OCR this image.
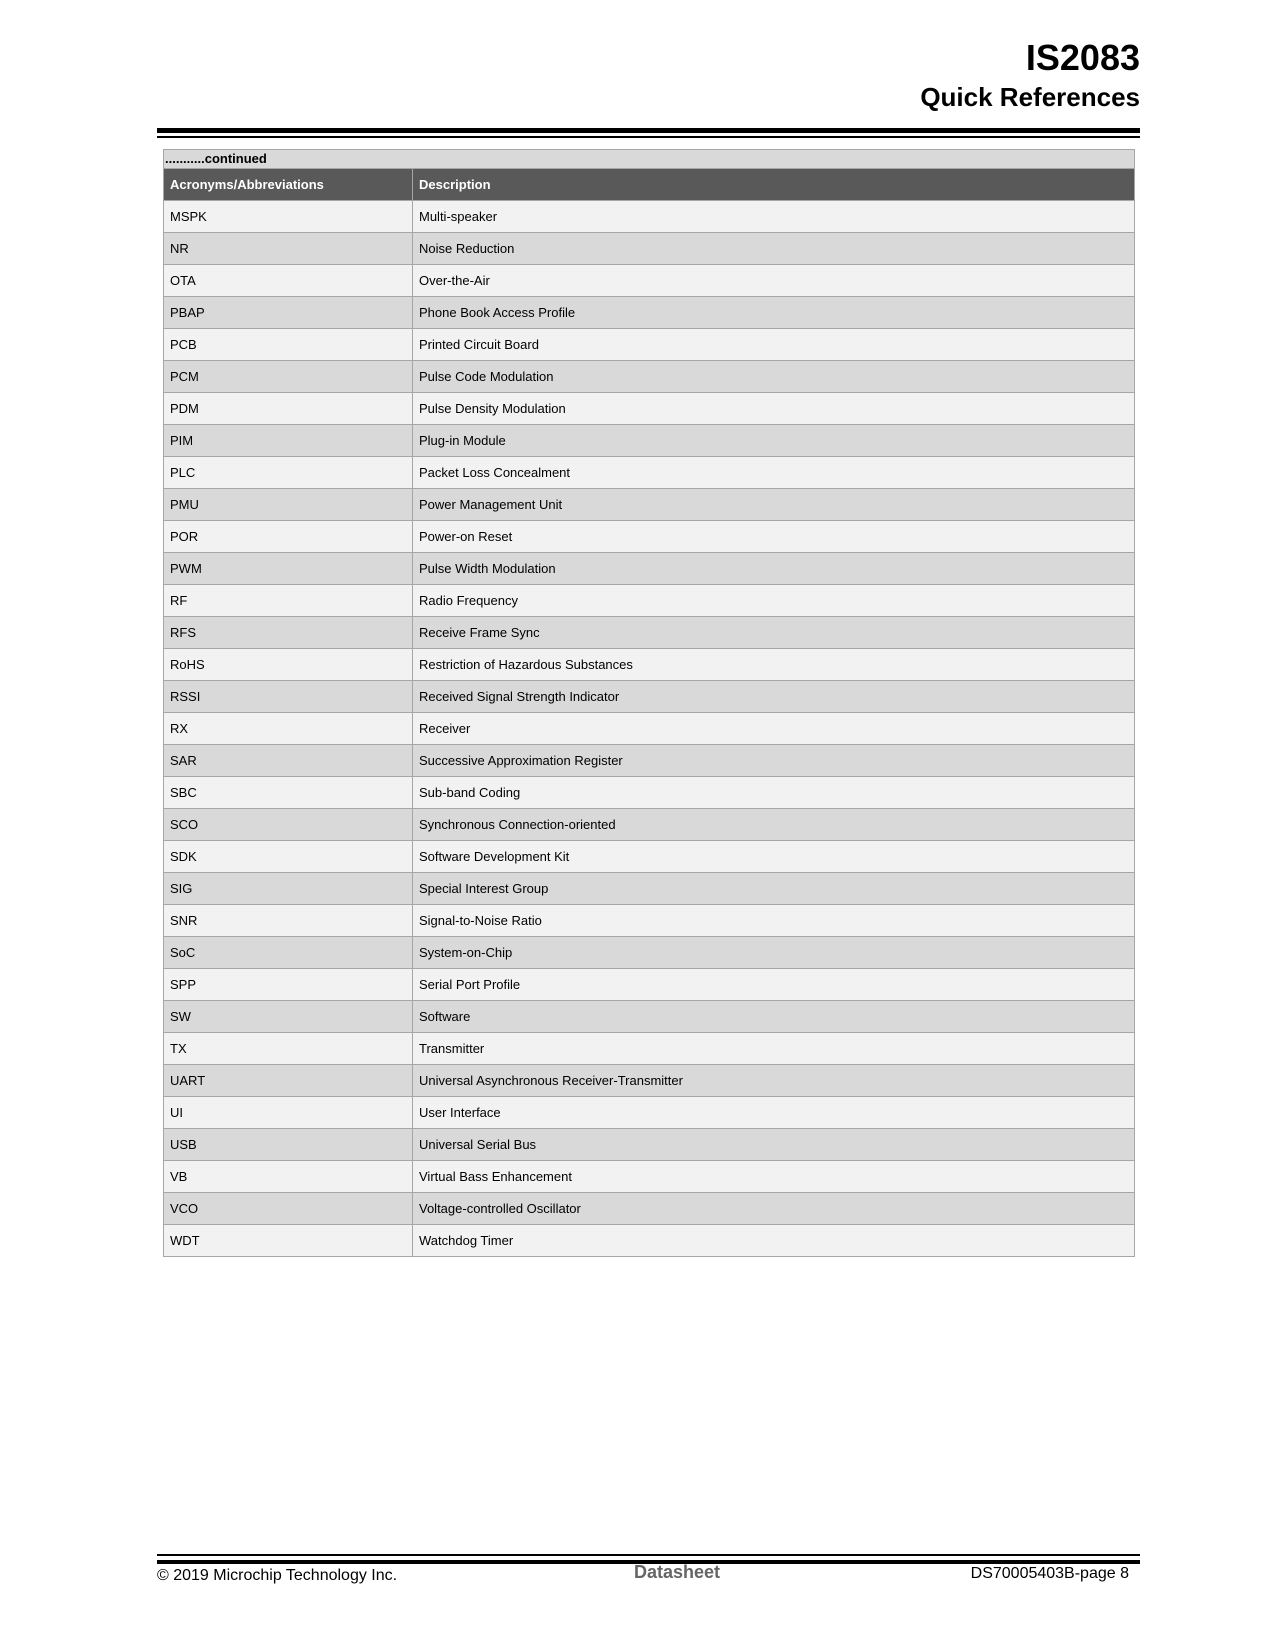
IS2083
Quick References
...........continued	
Acronyms/Abbreviations	Description
MSPK	Multi-speaker
NR	Noise Reduction
OTA	Over-the-Air
PBAP	Phone Book Access Profile
PCB	Printed Circuit Board
PCM	Pulse Code Modulation
PDM	Pulse Density Modulation
PIM	Plug-in Module
PLC	Packet Loss Concealment
PMU	Power Management Unit
POR	Power-on Reset
PWM	Pulse Width Modulation
RF	Radio Frequency
RFS	Receive Frame Sync
RoHS	Restriction of Hazardous Substances
RSSI	Received Signal Strength Indicator
RX	Receiver
SAR	Successive Approximation Register
SBC	Sub-band Coding
SCO	Synchronous Connection-oriented
SDK	Software Development Kit
SIG	Special Interest Group
SNR	Signal-to-Noise Ratio
SoC	System-on-Chip
SPP	Serial Port Profile
SW	Software
TX	Transmitter
UART	Universal Asynchronous Receiver-Transmitter
UI	User Interface
USB	Universal Serial Bus
VB	Virtual Bass Enhancement
VCO	Voltage-controlled Oscillator
WDT	Watchdog Timer
© 2019 Microchip Technology Inc.	Datasheet	DS70005403B-page 8
